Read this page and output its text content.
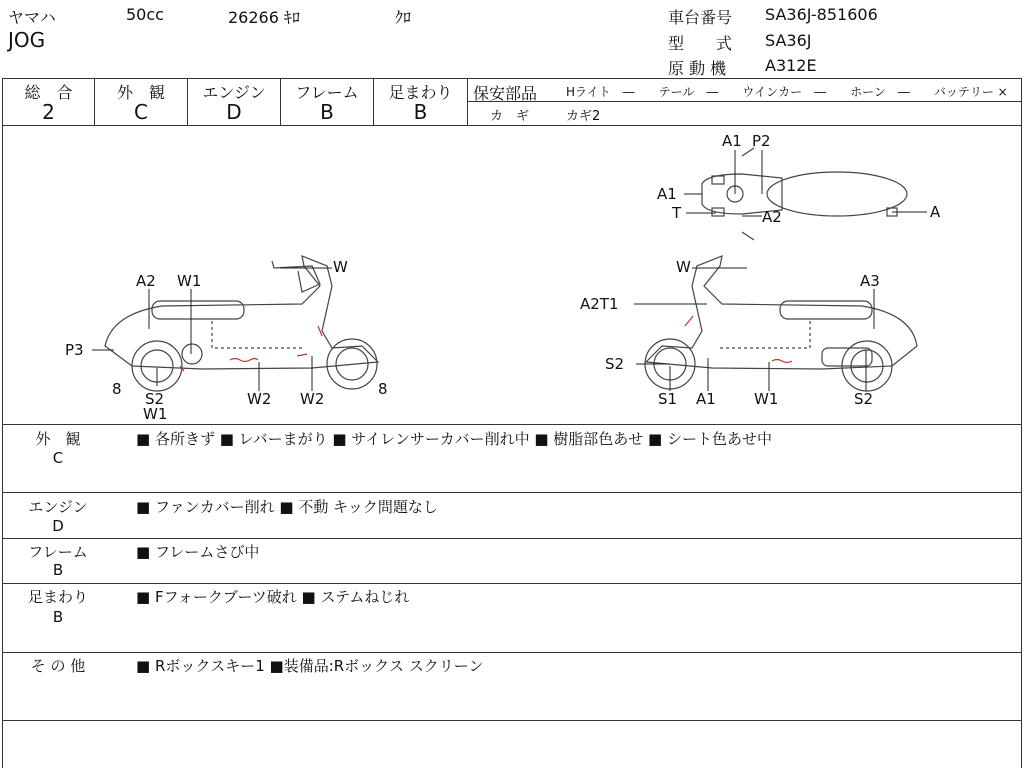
ヤマハ	50cc	26266 ｷﾛ	ｸﾛ
JOG
車台番号 SA36J-851606
型　　式 SA36J
原 動 機 A312E
総　合
2
外　観
C
エンジン
D
フレーム
B
足まわり
B
保安部品 Hライト　―　　テール　―　　ウインカー　―　　ホーン　―　　バッテリー ×
カ　ギ	カギ2
A2 W1
W
P3
8
S2
W1
W2 W2
8
W
A3
A2T1
S2
S1 A1	W1	S2
A1 P2
A1
T	A2	A
外　観
C
■ 各所きず ■ レバーまがり ■ サイレンサーカバー削れ中 ■ 樹脂部色あせ ■ シート色あせ中
エンジン
D
■ ファンカバー削れ ■ 不動 キック問題なし
フレーム
B
■ フレームさび中
足まわり
B
■ Fフォークブーツ破れ ■ ステムねじれ
そ の 他	■ Rボックスキー1 ■装備品:Rボックス スクリーン
